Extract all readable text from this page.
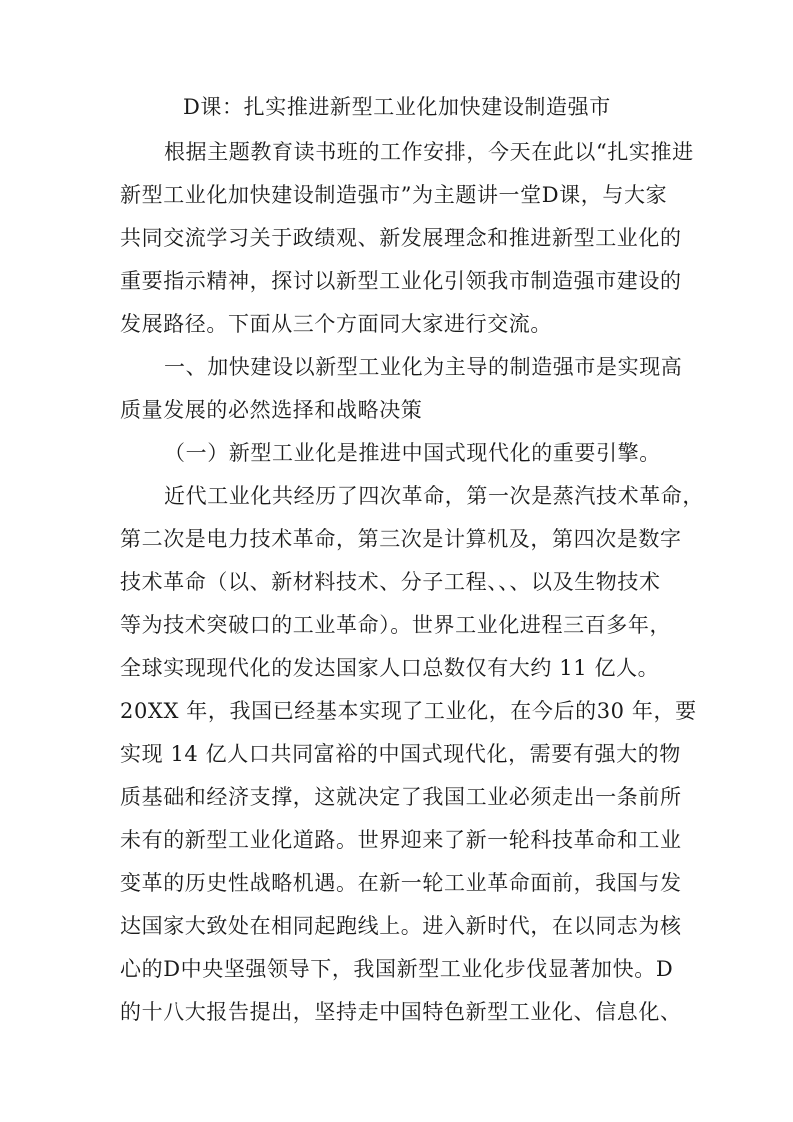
D课：扎实推进新型工业化加快建设制造强市
根据主题教育读书班的工作安排，今天在此以“扎实推进
新型工业化加快建设制造强市”为主题讲一堂D课，与大家
共同交流学习关于政绩观、新发展理念和推进新型工业化的
重要指示精神，探讨以新型工业化引领我市制造强市建设的
发展路径。下面从三个方面同大家进行交流。
一、加快建设以新型工业化为主导的制造强市是实现高
质量发展的必然选择和战略决策
（一）新型工业化是推进中国式现代化的重要引擎。
近代工业化共经历了四次革命，第一次是蒸汽技术革命，
第二次是电力技术革命，第三次是计算机及，第四次是数字
技术革命（以、新材料技术、分子工程、、、以及生物技术
等为技术突破口的工业革命）。世界工业化进程三百多年，
全球实现现代化的发达国家人口总数仅有大约 11 亿人。
20XX 年，我国已经基本实现了工业化，在今后的30 年，要
实现 14 亿人口共同富裕的中国式现代化，需要有强大的物
质基础和经济支撑，这就决定了我国工业必须走出一条前所
未有的新型工业化道路。世界迎来了新一轮科技革命和工业
变革的历史性战略机遇。在新一轮工业革命面前，我国与发
达国家大致处在相同起跑线上。进入新时代，在以同志为核
心的D中央坚强领导下，我国新型工业化步伐显著加快。D
的十八大报告提出，坚持走中国特色新型工业化、信息化、
